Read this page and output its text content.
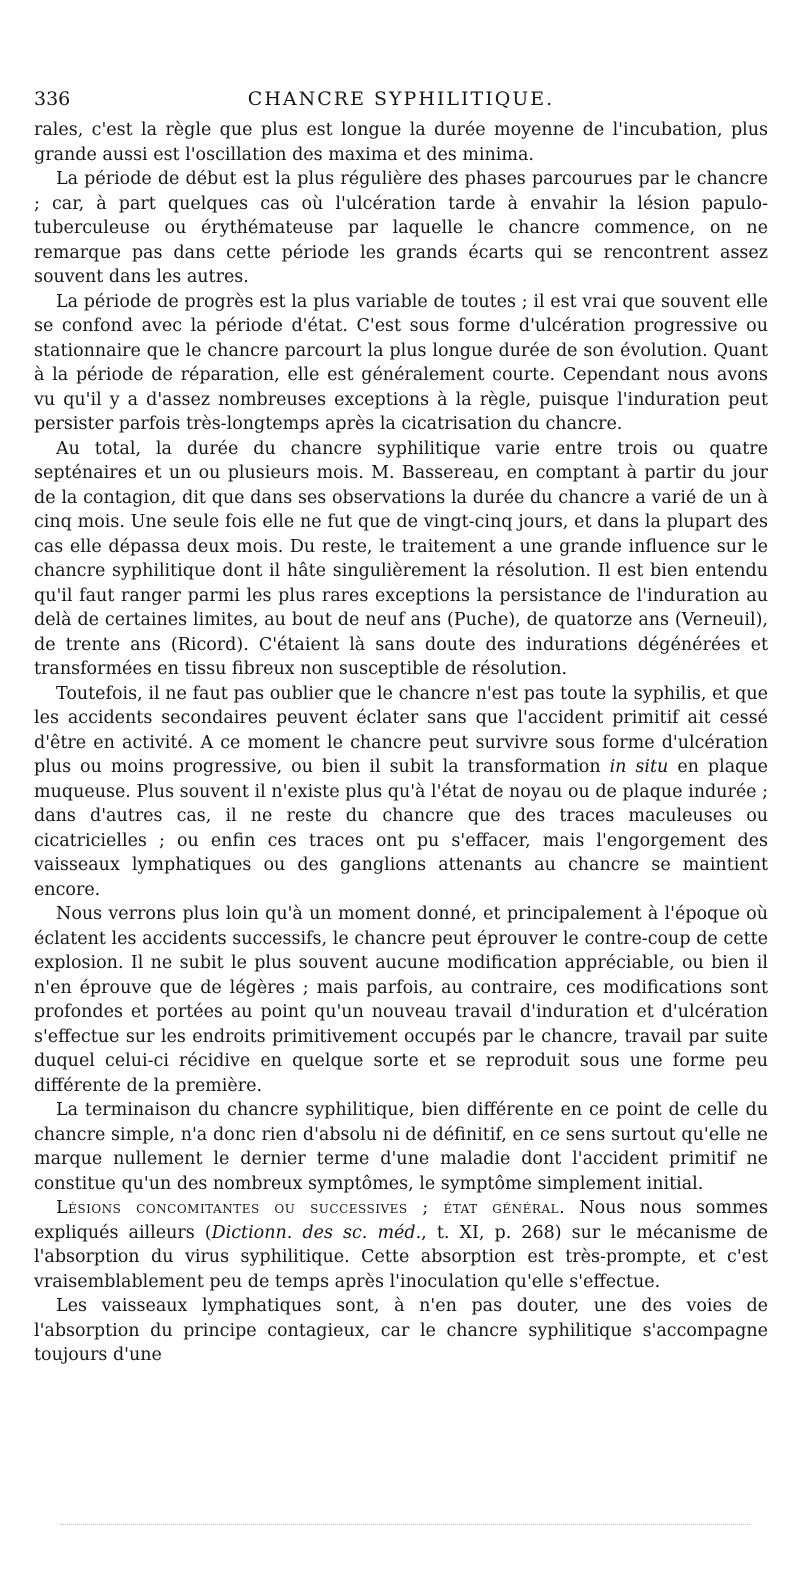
336	CHANCRE SYPHILITIQUE.

rales, c'est la règle que plus est longue la durée moyenne de l'incubation, plus grande aussi est l'oscillation des maxima et des minima.

La période de début est la plus régulière des phases parcourues par le chancre ; car, à part quelques cas où l'ulcération tarde à envahir la lésion papulo-tuberculeuse ou érythémateuse par laquelle le chancre commence, on ne remarque pas dans cette période les grands écarts qui se rencontrent assez souvent dans les autres.

La période de progrès est la plus variable de toutes ; il est vrai que souvent elle se confond avec la période d'état. C'est sous forme d'ulcération progressive ou stationnaire que le chancre parcourt la plus longue durée de son évolution. Quant à la période de réparation, elle est généralement courte. Cependant nous avons vu qu'il y a d'assez nombreuses exceptions à la règle, puisque l'induration peut persister parfois très-longtemps après la cicatrisation du chancre.

Au total, la durée du chancre syphilitique varie entre trois ou quatre septénaires et un ou plusieurs mois. M. Bassereau, en comptant à partir du jour de la contagion, dit que dans ses observations la durée du chancre a varié de un à cinq mois. Une seule fois elle ne fut que de vingt-cinq jours, et dans la plupart des cas elle dépassa deux mois. Du reste, le traitement a une grande influence sur le chancre syphilitique dont il hâte singulièrement la résolution. Il est bien entendu qu'il faut ranger parmi les plus rares exceptions la persistance de l'induration au delà de certaines limites, au bout de neuf ans (Puche), de quatorze ans (Verneuil), de trente ans (Ricord). C'étaient là sans doute des indurations dégénérées et transformées en tissu fibreux non susceptible de résolution.

Toutefois, il ne faut pas oublier que le chancre n'est pas toute la syphilis, et que les accidents secondaires peuvent éclater sans que l'accident primitif ait cessé d'être en activité. A ce moment le chancre peut survivre sous forme d'ulcération plus ou moins progressive, ou bien il subit la transformation in situ en plaque muqueuse. Plus souvent il n'existe plus qu'à l'état de noyau ou de plaque indurée ; dans d'autres cas, il ne reste du chancre que des traces maculeuses ou cicatricielles ; ou enfin ces traces ont pu s'effacer, mais l'engorgement des vaisseaux lymphatiques ou des ganglions attenants au chancre se maintient encore.

Nous verrons plus loin qu'à un moment donné, et principalement à l'époque où éclatent les accidents successifs, le chancre peut éprouver le contre-coup de cette explosion. Il ne subit le plus souvent aucune modification appréciable, ou bien il n'en éprouve que de légères ; mais parfois, au contraire, ces modifications sont profondes et portées au point qu'un nouveau travail d'induration et d'ulcération s'effectue sur les endroits primitivement occupés par le chancre, travail par suite duquel celui-ci récidive en quelque sorte et se reproduit sous une forme peu différente de la première.

La terminaison du chancre syphilitique, bien différente en ce point de celle du chancre simple, n'a donc rien d'absolu ni de définitif, en ce sens surtout qu'elle ne marque nullement le dernier terme d'une maladie dont l'accident primitif ne constitue qu'un des nombreux symptômes, le symptôme simplement initial.

Lésions concomitantes ou successives ; état général. Nous nous sommes expliqués ailleurs (Dictionn. des sc. méd., t. XI, p. 268) sur le mécanisme de l'absorption du virus syphilitique. Cette absorption est très-prompte, et c'est vraisemblablement peu de temps après l'inoculation qu'elle s'effectue.

Les vaisseaux lymphatiques sont, à n'en pas douter, une des voies de l'absorption du principe contagieux, car le chancre syphilitique s'accompagne toujours d'une
